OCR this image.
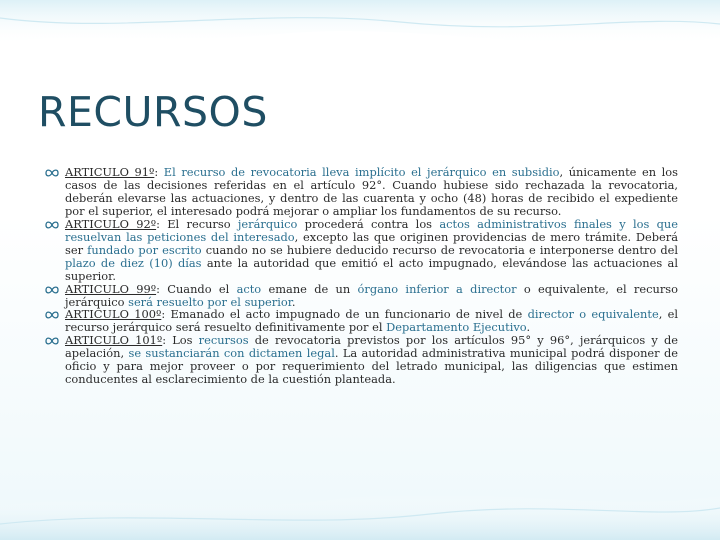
RECURSOS
ARTICULO 91º: El recurso de revocatoria lleva implícito el jerárquico en subsidio, únicamente en los casos de las decisiones referidas en el artículo 92°. Cuando hubiese sido rechazada la revocatoria, deberán elevarse las actuaciones, y dentro de las cuarenta y ocho (48) horas de recibido el expediente por el superior, el interesado podrá mejorar o ampliar los fundamentos de su recurso.
ARTICULO 92º: El recurso jerárquico procederá contra los actos administrativos finales y los que resuelvan las peticiones del interesado, excepto las que originen providencias de mero trámite. Deberá ser fundado por escrito cuando no se hubiere deducido recurso de revocatoria e interponerse dentro del plazo de diez (10) días ante la autoridad que emitió el acto impugnado, elevándose las actuaciones al superior.
ARTICULO 99º: Cuando el acto emane de un órgano inferior a director o equivalente, el recurso jerárquico será resuelto por el superior.
ARTICULO 100º: Emanado el acto impugnado de un funcionario de nivel de director o equivalente, el recurso jerárquico será resuelto definitivamente por el Departamento Ejecutivo.
ARTICULO 101º: Los recursos de revocatoria previstos por los artículos 95° y 96°, jerárquicos y de apelación, se sustanciarán con dictamen legal. La autoridad administrativa municipal podrá disponer de oficio y para mejor proveer o por requerimiento del letrado municipal, las diligencias que estimen conducentes al esclarecimiento de la cuestión planteada.
